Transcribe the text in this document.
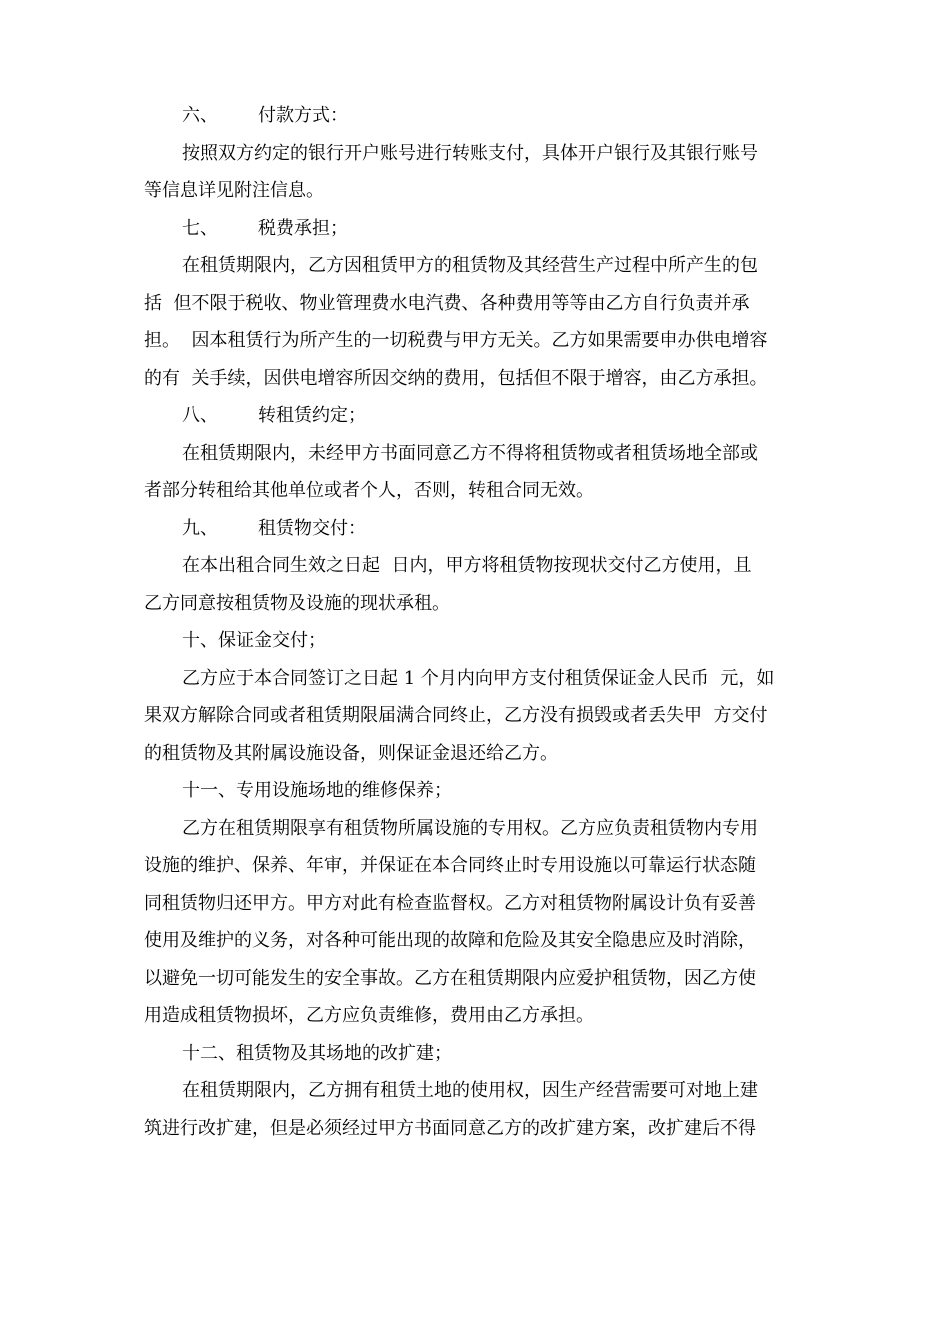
六、 付款方式：
按照双方约定的银行开户账号进行转账支付，具体开户银行及其银行账号
等信息详见附注信息。
七、 税费承担；
在租赁期限内，乙方因租赁甲方的租赁物及其经营生产过程中所产生的包
括  但不限于税收、物业管理费水电汽费、各种费用等等由乙方自行负责并承
担。  因本租赁行为所产生的一切税费与甲方无关。乙方如果需要申办供电增容
的有  关手续，因供电增容所因交纳的费用，包括但不限于增容，由乙方承担。
八、 转租赁约定；
在租赁期限内，未经甲方书面同意乙方不得将租赁物或者租赁场地全部或
者部分转租给其他单位或者个人，否则，转租合同无效。
九、 租赁物交付：
在本出租合同生效之日起  日内，甲方将租赁物按现状交付乙方使用，且
乙方同意按租赁物及设施的现状承租。
十、保证金交付；
乙方应于本合同签订之日起 1 个月内向甲方支付租赁保证金人民币  元，如
果双方解除合同或者租赁期限届满合同终止，乙方没有损毁或者丢失甲  方交付
的租赁物及其附属设施设备，则保证金退还给乙方。
十一、专用设施场地的维修保养；
乙方在租赁期限享有租赁物所属设施的专用权。乙方应负责租赁物内专用
设施的维护、保养、年审，并保证在本合同终止时专用设施以可靠运行状态随
同租赁物归还甲方。甲方对此有检查监督权。乙方对租赁物附属设计负有妥善
使用及维护的义务，对各种可能出现的故障和危险及其安全隐患应及时消除，
以避免一切可能发生的安全事故。乙方在租赁期限内应爱护租赁物，因乙方使
用造成租赁物损坏，乙方应负责维修，费用由乙方承担。
十二、租赁物及其场地的改扩建；
在租赁期限内，乙方拥有租赁土地的使用权，因生产经营需要可对地上建
筑进行改扩建，但是必须经过甲方书面同意乙方的改扩建方案，改扩建后不得
